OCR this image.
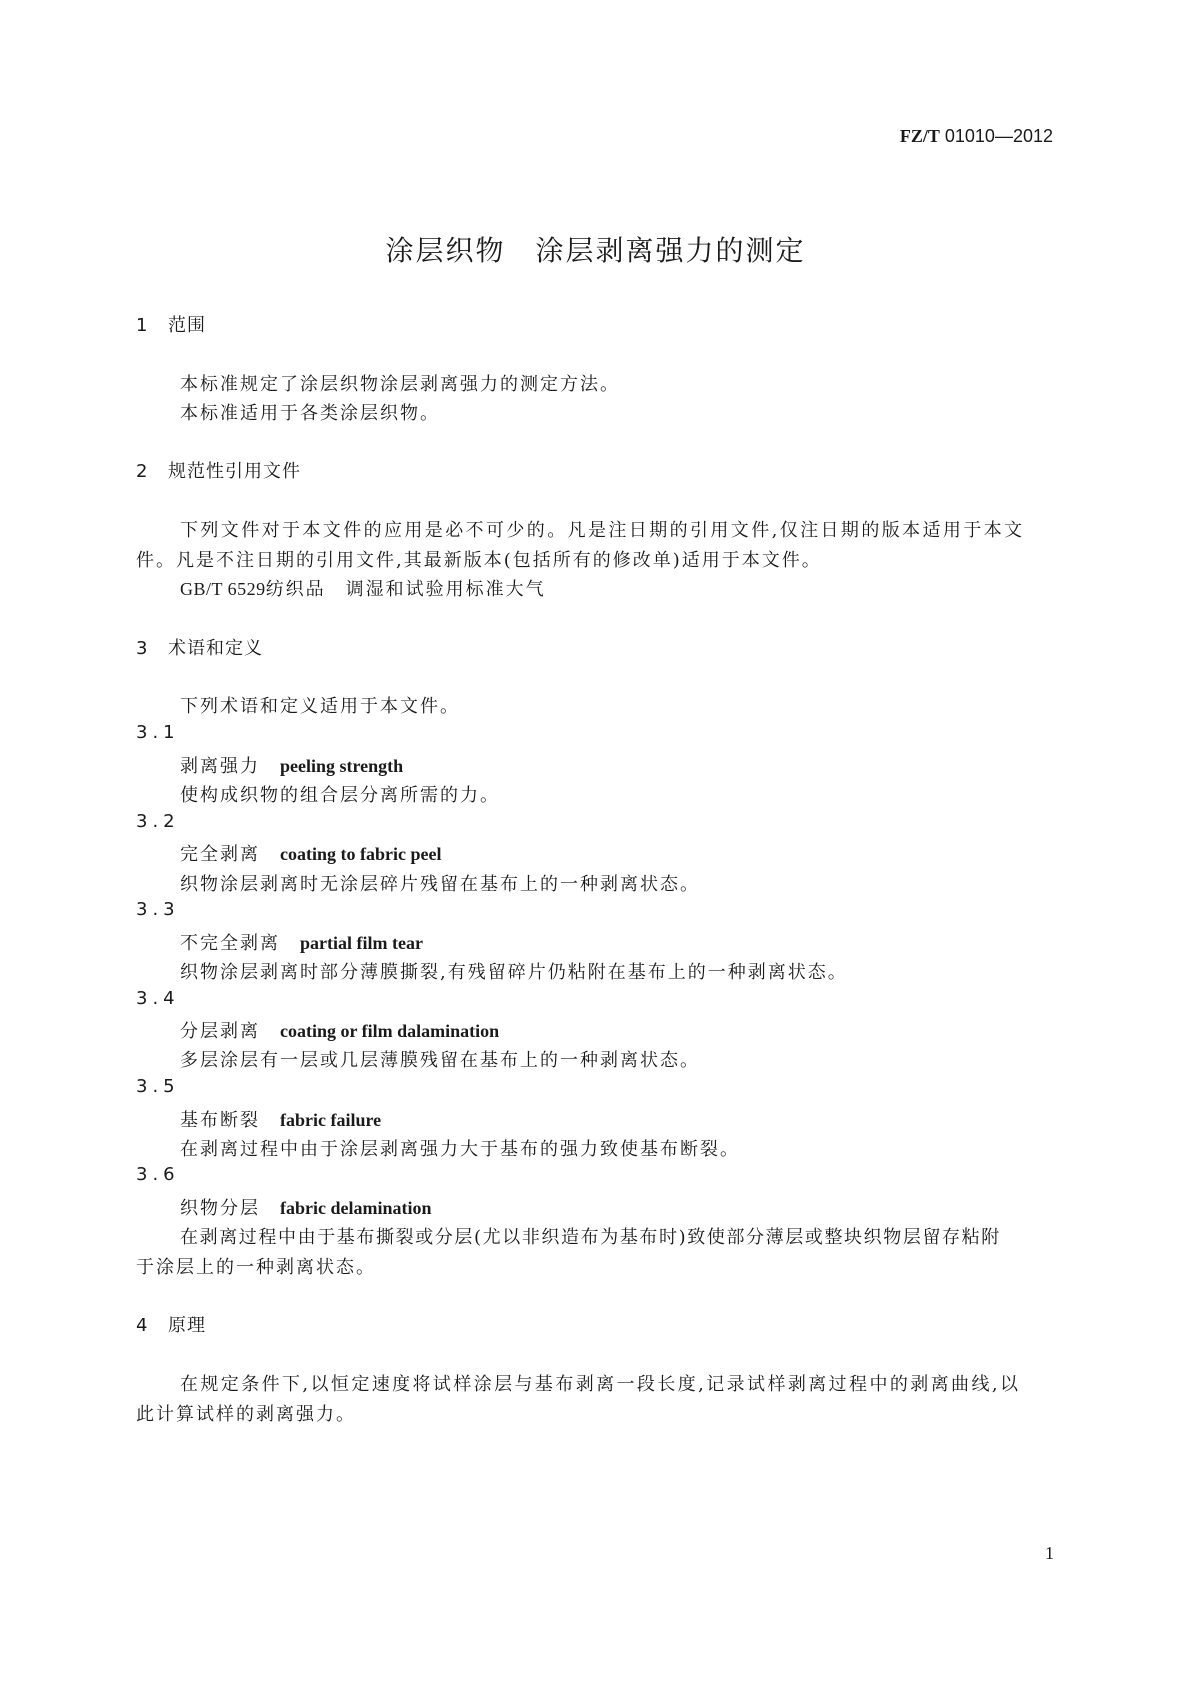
FZ/T 01010—2012
涂层织物　涂层剥离强力的测定
1 范围
本标准规定了涂层织物涂层剥离强力的测定方法。
本标准适用于各类涂层织物。
2 规范性引用文件
下列文件对于本文件的应用是必不可少的。凡是注日期的引用文件,仅注日期的版本适用于本文
件。凡是不注日期的引用文件,其最新版本(包括所有的修改单)适用于本文件。
GB/T 6529纺织品　调湿和试验用标准大气
3 术语和定义
下列术语和定义适用于本文件。
3.1
剥离强力 peeling strength
使构成织物的组合层分离所需的力。
3.2
完全剥离 coating to fabric peel
织物涂层剥离时无涂层碎片残留在基布上的一种剥离状态。
3.3
不完全剥离 partial film tear
织物涂层剥离时部分薄膜撕裂,有残留碎片仍粘附在基布上的一种剥离状态。
3.4
分层剥离 coating or film dalamination
多层涂层有一层或几层薄膜残留在基布上的一种剥离状态。
3.5
基布断裂 fabric failure
在剥离过程中由于涂层剥离强力大于基布的强力致使基布断裂。
3.6
织物分层 fabric delamination
在剥离过程中由于基布撕裂或分层(尤以非织造布为基布时)致使部分薄层或整块织物层留存粘附
于涂层上的一种剥离状态。
4 原理
在规定条件下,以恒定速度将试样涂层与基布剥离一段长度,记录试样剥离过程中的剥离曲线,以
此计算试样的剥离强力。
1
